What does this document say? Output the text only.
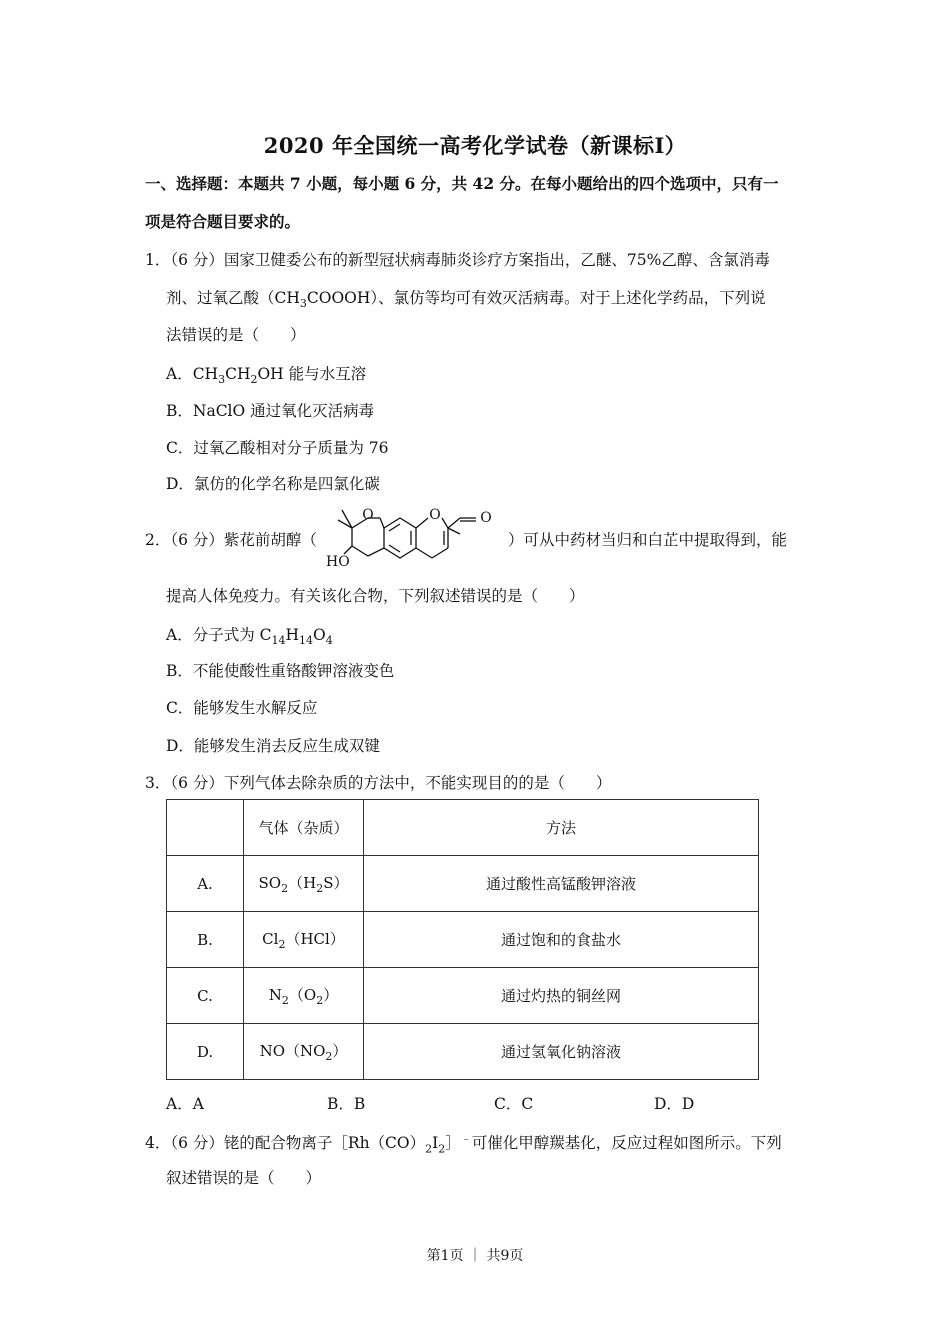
2020 年全国统一高考化学试卷（新课标Ⅰ）
一、选择题：本题共 7 小题，每小题 6 分，共 42 分。在每小题给出的四个选项中，只有一
项是符合题目要求的。
1．（6 分）国家卫健委公布的新型冠状病毒肺炎诊疗方案指出，乙醚、75%乙醇、含氯消毒
剂、过氧乙酸$(CH_3COOOH)$、氯仿等均可有效灭活病毒。对于上述化学药品，下列说
法错误的是（　　）
A．$CH_3CH_2OH$ 能与水互溶
B．NaClO 通过氧化灭活病毒
C．过氧乙酸相对分子质量为 76
D．氯仿的化学名称是四氯化碳
2．（6 分）紫花前胡醇（
O	O	O
HO
）可从中药材当归和白芷中提取得到，能
提高人体免疫力。有关该化合物，下列叙述错误的是（　　）
A．分子式为 $C_{14}H_{14}O_4$
B．不能使酸性重铬酸钾溶液变色
C．能够发生水解反应
D．能够发生消去反应生成双键
3．（6 分）下列气体去除杂质的方法中，不能实现目的的是（　　）
	气体（杂质）	方法
A.	$SO_2(H_2S)$	通过酸性高锰酸钾溶液
B.	$Cl_2(HCl)$	通过饱和的食盐水
C.	$N_2(O_2)$	通过灼热的铜丝网
D.	$NO(NO_2)$	通过氢氧化钠溶液
A．A	B．B	C．C	D．D
4．（6 分）铑的配合物离子$[Rh(CO)_2I_2]^﹣$可催化甲醇羰基化，反应过程如图所示。下列
叙述错误的是（　　）
第1页 ｜ 共9页
